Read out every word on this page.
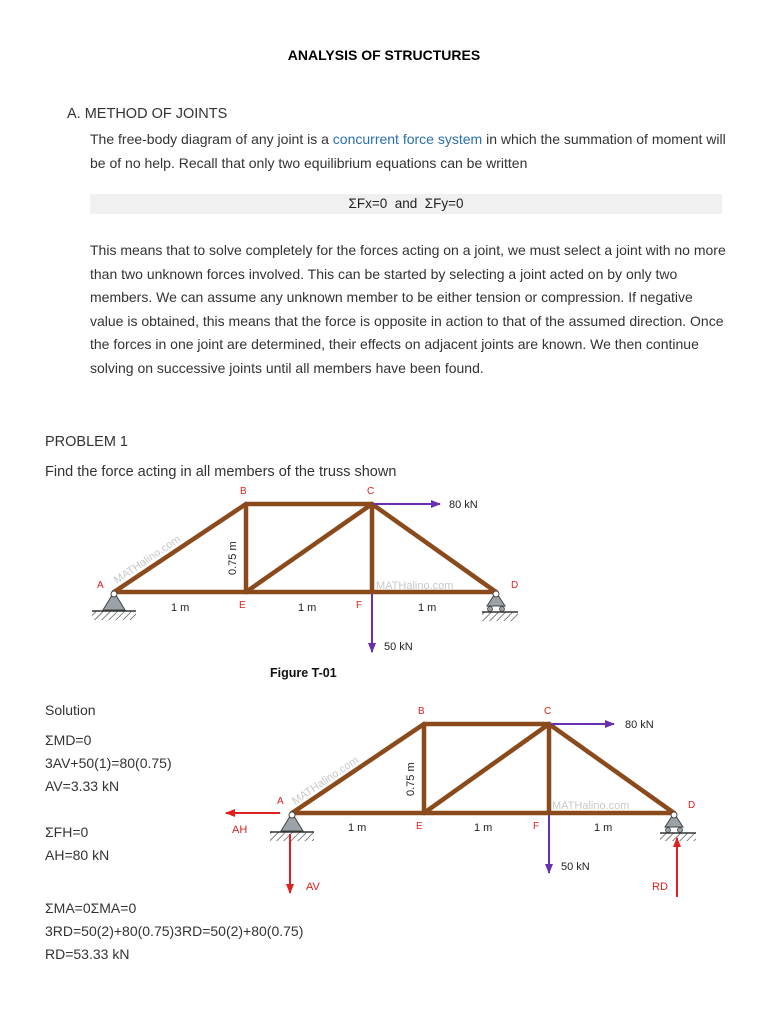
ANALYSIS OF STRUCTURES
A. METHOD OF JOINTS
The free-body diagram of any joint is a concurrent force system in which the summation of moment will be of no help. Recall that only two equilibrium equations can be written
ΣFx=0  and  ΣFy=0
This means that to solve completely for the forces acting on a joint, we must select a joint with no more than two unknown forces involved. This can be started by selecting a joint acted on by only two members. We can assume any unknown member to be either tension or compression. If negative value is obtained, this means that the force is opposite in action to that of the assumed direction. Once the forces in one joint are determined, their effects on adjacent joints are known. We then continue solving on successive joints until all members have been found.
PROBLEM 1
Find the force acting in all members of the truss shown
A
B	C
D
E	F
0.75 m
1 m	1 m	1 m
80 kN
50 kN
MATHalino.com	MATHalino.com
Figure T-01
Solution
ΣMD=0
3AV+50(1)=80(0.75)
AV=3.33 kN
ΣFH=0
AH=80 kN
ΣMA=0ΣMA=0
3RD=50(2)+80(0.75)3RD=50(2)+80(0.75)
RD=53.33 kN
A
B	C
D
E	F
0.75 m
1 m	1 m	1 m
80 kN
50 kN
AH
AV	RD
MATHalino.com	MATHalino.com
